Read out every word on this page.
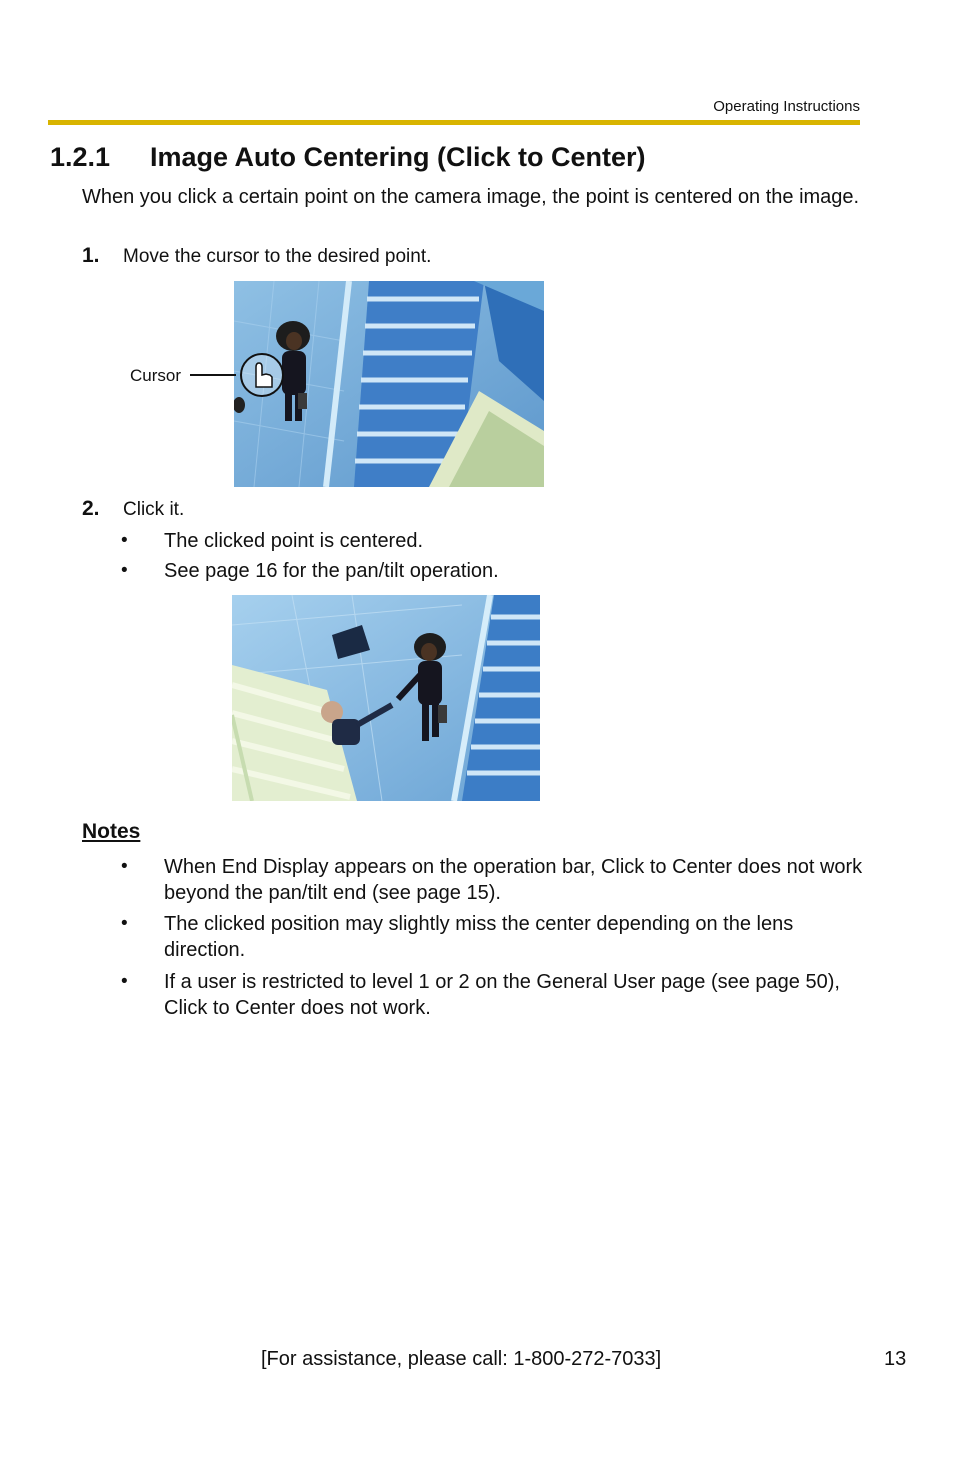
Operating Instructions
1.2.1 Image Auto Centering (Click to Center)
When you click a certain point on the camera image, the point is centered on the image.
1. Move the cursor to the desired point.
Cursor
2. Click it.
• The clicked point is centered.
• See page 16 for the pan/tilt operation.
Notes
• When End Display appears on the operation bar, Click to Center does not work beyond the pan/tilt end (see page 15).
• The clicked position may slightly miss the center depending on the lens direction.
• If a user is restricted to level 1 or 2 on the General User page (see page 50), Click to Center does not work.
[For assistance, please call: 1-800-272-7033]	13
